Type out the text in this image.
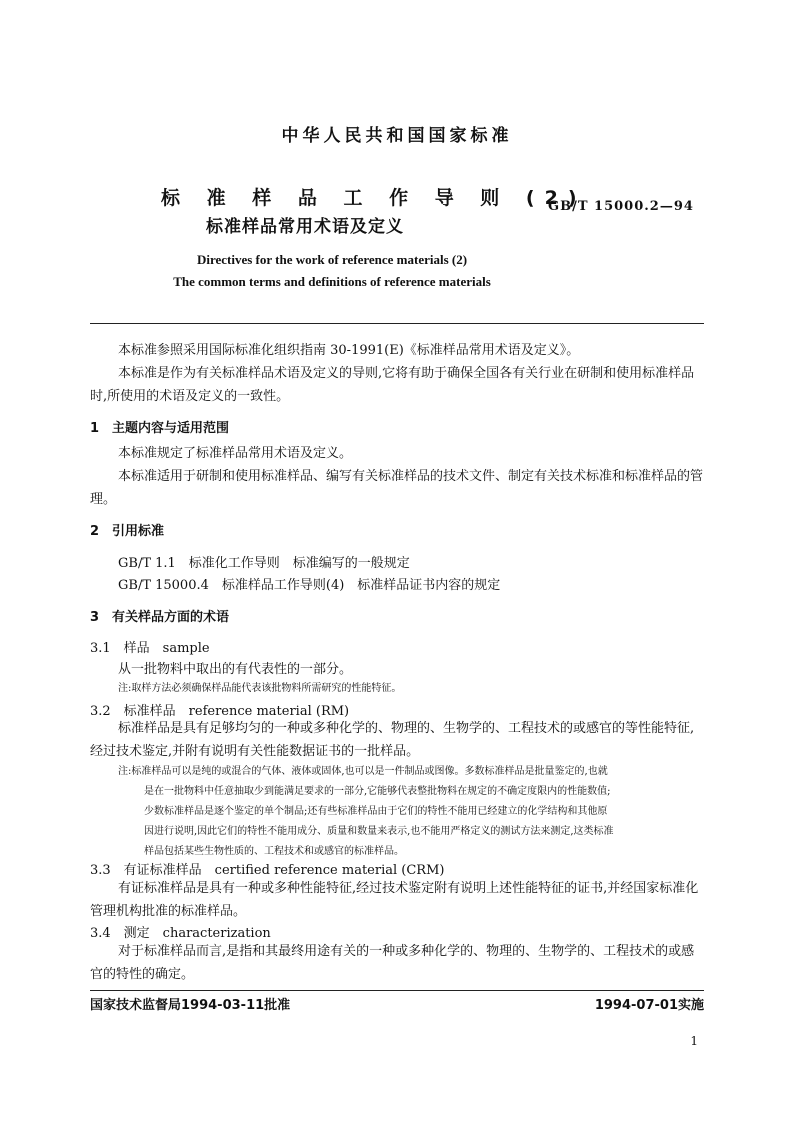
中华人民共和国国家标准
标 准 样 品 工 作 导 则 (2)
标准样品常用术语及定义
GB/T 15000.2—94
Directives for the work of reference materials (2)
The common terms and definitions of reference materials
本标准参照采用国际标准化组织指南 30-1991(E)《标准样品常用术语及定义》。
本标准是作为有关标准样品术语及定义的导则,它将有助于确保全国各有关行业在研制和使用标准样品时,所使用的术语及定义的一致性。
1　主题内容与适用范围
本标准规定了标准样品常用术语及定义。
本标准适用于研制和使用标准样品、编写有关标准样品的技术文件、制定有关技术标准和标准样品的管理。
2　引用标准
GB/T 1.1　标准化工作导则　标准编写的一般规定
GB/T 15000.4　标准样品工作导则(4)　标准样品证书内容的规定
3　有关样品方面的术语
3.1　样品　sample
从一批物料中取出的有代表性的一部分。
注:取样方法必须确保样品能代表该批物料所需研究的性能特征。
3.2　标准样品　reference material (RM)
标准样品是具有足够均匀的一种或多种化学的、物理的、生物学的、工程技术的或感官的等性能特征,经过技术鉴定,并附有说明有关性能数据证书的一批样品。
注:标准样品可以是纯的或混合的气体、液体或固体,也可以是一件制品或图像。多数标准样品是批量鉴定的,也就
是在一批物料中任意抽取少到能满足要求的一部分,它能够代表整批物料在规定的不确定度限内的性能数值;
少数标准样品是逐个鉴定的单个制品;还有些标准样品由于它们的特性不能用已经建立的化学结构和其他原
因进行说明,因此它们的特性不能用成分、质量和数量来表示,也不能用严格定义的测试方法来测定,这类标准
样品包括某些生物性质的、工程技术和或感官的标准样品。
3.3　有证标准样品　certified reference material (CRM)
有证标准样品是具有一种或多种性能特征,经过技术鉴定附有说明上述性能特征的证书,并经国家标准化管理机构批准的标准样品。
3.4　测定　characterization
对于标准样品而言,是指和其最终用途有关的一种或多种化学的、物理的、生物学的、工程技术的或感官的特性的确定。
国家技术监督局1994-03-11批准	1994-07-01实施
1
